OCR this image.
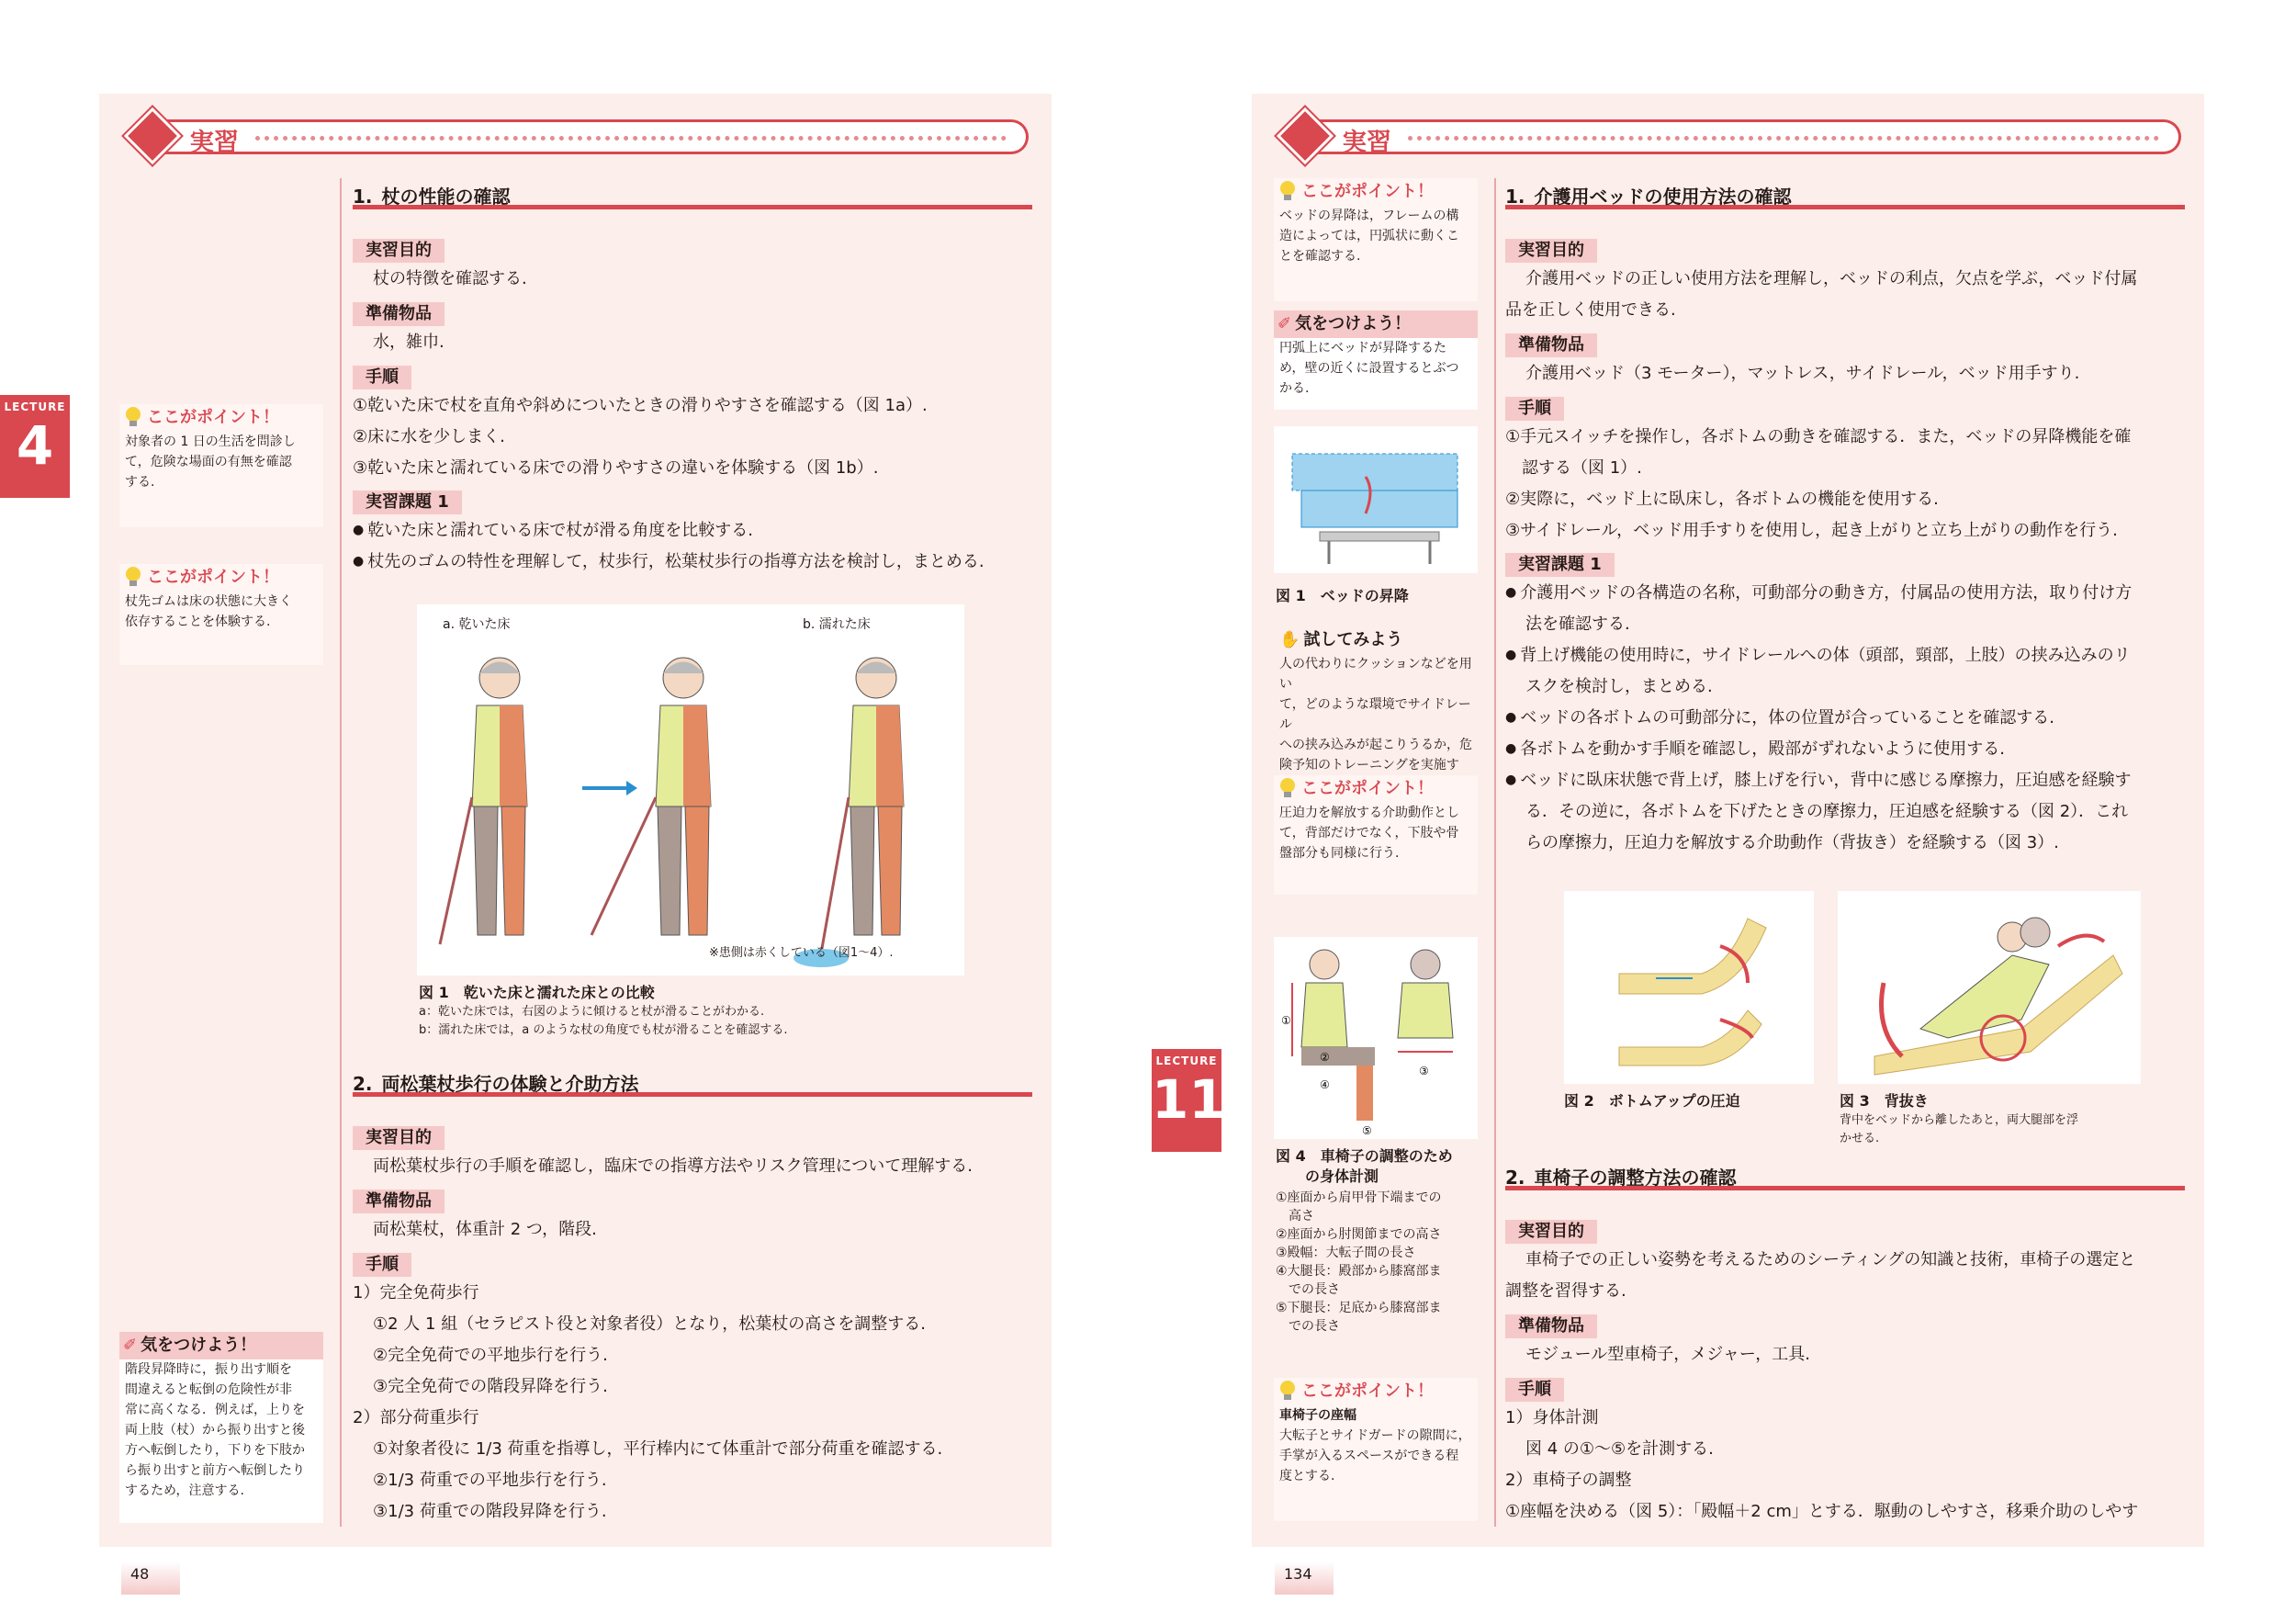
実習
1. 杖の性能の確認
実習目的
杖の特徴を確認する.
準備物品
水，雑巾.
手順
①乾いた床で杖を直角や斜めについたときの滑りやすさを確認する（図 1a）.
②床に水を少しまく.
③乾いた床と濡れている床での滑りやすさの違いを体験する（図 1b）.
実習課題 1
● 乾いた床と濡れている床で杖が滑る角度を比較する.
● 杖先のゴムの特性を理解して，杖歩行，松葉杖歩行の指導方法を検討し，まとめる.
a. 乾いた床	b. 濡れた床
※患側は赤くしている（図1～4）.
図 1　乾いた床と濡れた床との比較
a：乾いた床では，右図のように傾けると杖が滑ることがわかる.
b：濡れた床では，a のような杖の角度でも杖が滑ることを確認する.
2. 両松葉杖歩行の体験と介助方法
実習目的
両松葉杖歩行の手順を確認し，臨床での指導方法やリスク管理について理解する.
準備物品
両松葉杖，体重計 2 つ，階段.
手順
1）完全免荷歩行
①2 人 1 組（セラピスト役と対象者役）となり，松葉杖の高さを調整する.
②完全免荷での平地歩行を行う.
③完全免荷での階段昇降を行う.
2）部分荷重歩行
①対象者役に 1/3 荷重を指導し，平行棒内にて体重計で部分荷重を確認する.
②1/3 荷重での平地歩行を行う.
③1/3 荷重での階段昇降を行う.
ここがポイント！
対象者の 1 日の生活を問診し
て，危険な場面の有無を確認
する.
ここがポイント！
杖先ゴムは床の状態に大きく
依存することを体験する.
✐ 気をつけよう！
階段昇降時に，振り出す順を
間違えると転倒の危険性が非
常に高くなる．例えば，上りを
両上肢（杖）から振り出すと後
方へ転倒したり，下りを下肢か
ら振り出すと前方へ転倒したり
するため，注意する.
LECTURE
4
48
実習
1. 介護用ベッドの使用方法の確認
実習目的
介護用ベッドの正しい使用方法を理解し，ベッドの利点，欠点を学ぶ，ベッド付属
品を正しく使用できる.
準備物品
介護用ベッド（3 モーター），マットレス，サイドレール，ベッド用手すり.
手順
①手元スイッチを操作し，各ボトムの動きを確認する．また，ベッドの昇降機能を確
　認する（図 1）.
②実際に，ベッド上に臥床し，各ボトムの機能を使用する.
③サイドレール，ベッド用手すりを使用し，起き上がりと立ち上がりの動作を行う.
実習課題 1
● 介護用ベッドの各構造の名称，可動部分の動き方，付属品の使用方法，取り付け方
法を確認する.
● 背上げ機能の使用時に，サイドレールへの体（頭部，頸部，上肢）の挟み込みのリ
スクを検討し，まとめる.
● ベッドの各ボトムの可動部分に，体の位置が合っていることを確認する.
● 各ボトムを動かす手順を確認し，殿部がずれないように使用する.
● ベッドに臥床状態で背上げ，膝上げを行い，背中に感じる摩擦力，圧迫感を経験す
る．その逆に，各ボトムを下げたときの摩擦力，圧迫感を経験する（図 2）．これ
らの摩擦力，圧迫力を解放する介助動作（背抜き）を経験する（図 3）.
図 2　ボトムアップの圧迫	図 3　背抜き
背中をベッドから離したあと，両大腿部を浮
かせる.
2. 車椅子の調整方法の確認
実習目的
車椅子での正しい姿勢を考えるためのシーティングの知識と技術，車椅子の選定と
調整を習得する.
準備物品
モジュール型車椅子，メジャー，工具.
手順
1）身体計測
図 4 の①～⑤を計測する.
2）車椅子の調整
①座幅を決める（図 5）：「殿幅＋2 cm」とする．駆動のしやすさ，移乗介助のしやす
ここがポイント！
ベッドの昇降は，フレームの構
造によっては，円弧状に動くこ
とを確認する.
✐ 気をつけよう！
円弧上にベッドが昇降するた
め，壁の近くに設置するとぶつ
かる.
図 1　ベッドの昇降
✋ 試してみよう
人の代わりにクッションなどを用い
て，どのような環境でサイドレール
への挟み込みが起こりうるか，危
険予知のトレーニングを実施す
ここがポイント！
圧迫力を解放する介助動作とし
て，背部だけでなく，下肢や骨
盤部分も同様に行う.
①
②
③
④
⑤
図 4　車椅子の調整のため
の身体計測
①座面から肩甲骨下端までの
　高さ
②座面から肘関節までの高さ
③殿幅：大転子間の長さ
④大腿長：殿部から膝窩部ま
　での長さ
⑤下腿長：足底から膝窩部ま
　での長さ
ここがポイント！
車椅子の座幅
大転子とサイドガードの隙間に，
手掌が入るスペースができる程
度とする.
LECTURE
11
134
